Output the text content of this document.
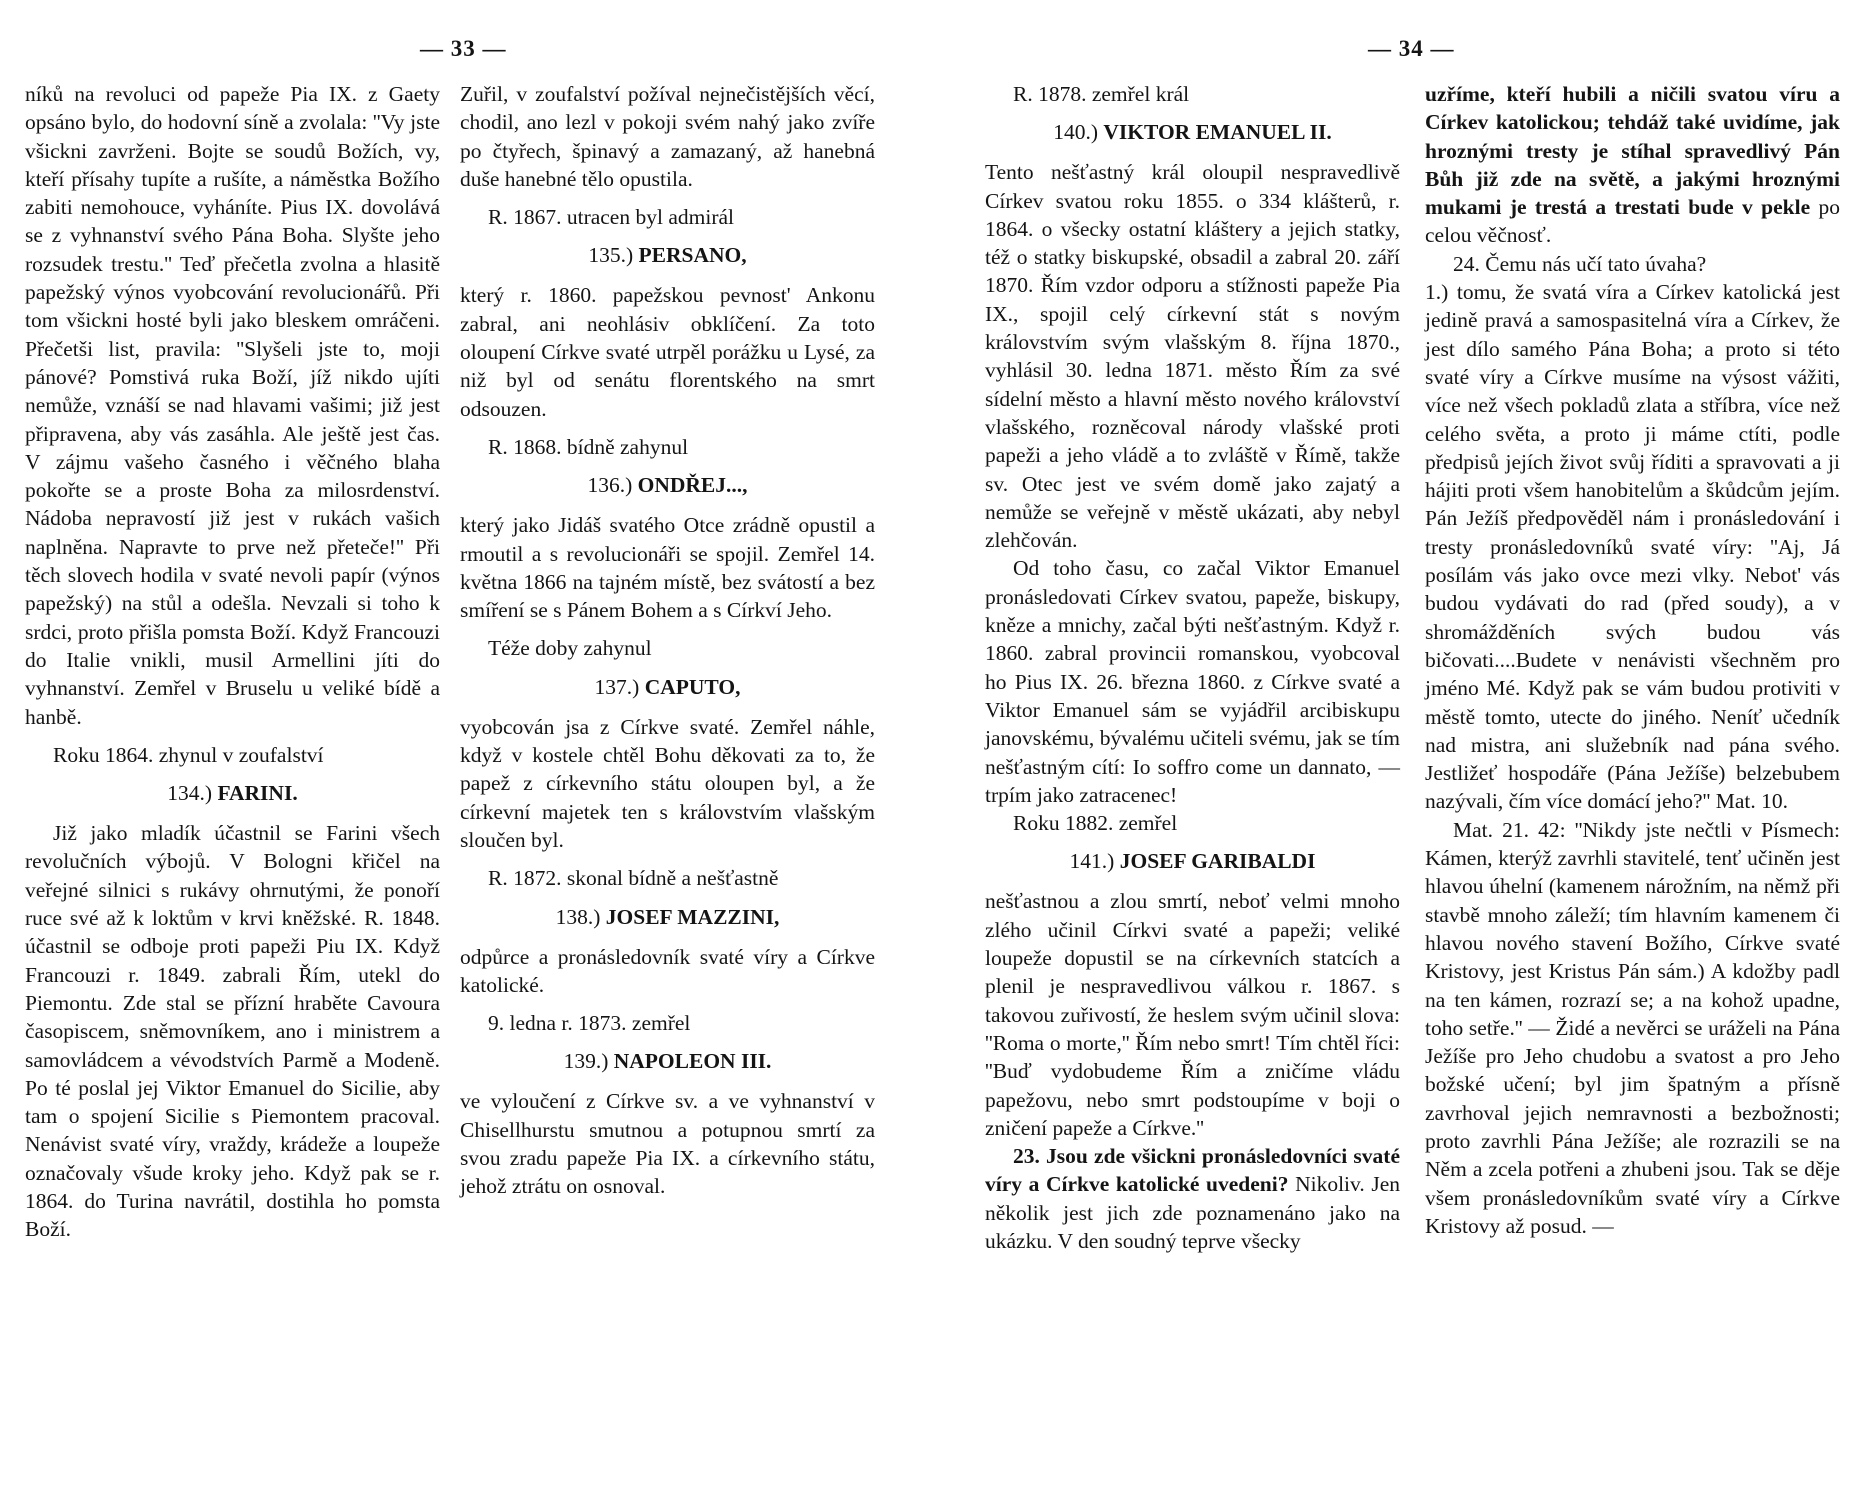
— 33 —	— 34 —

níků na revoluci od papeže Pia IX. z Gaety opsáno bylo, do hodovní síně a zvolala: ''Vy jste všickni zavrženi. Bojte se soudů Božích, vy, kteří přísahy tupíte a rušíte, a náměstka Božího zabiti nemohouce, vyháníte. Pius IX. dovolává se z vyhnanství svého Pána Boha. Slyšte jeho rozsudek trestu.'' Teď přečetla zvolna a hlasitě papežský výnos vyobcování revolucionářů. Při tom všickni hosté byli jako bleskem omráčeni. Přečetši list, pravila: ''Slyšeli jste to, moji pánové? Pomstivá ruka Boží, jíž nikdo ujíti nemůže, vznáší se nad hlavami vašimi; již jest připravena, aby vás zasáhla. Ale ještě jest čas. V zájmu vašeho časného i věčného blaha pokořte se a proste Boha za milosrdenství. Nádoba nepravostí již jest v rukách vašich naplněna. Napravte to prve než přeteče!'' Při těch slovech hodila v svaté nevoli papír (výnos papežský) na stůl a odešla. Nevzali si toho k srdci, proto přišla pomsta Boží. Když Francouzi do Italie vnikli, musil Armellini jíti do vyhnanství. Zemřel v Bruselu u veliké bídě a hanbě.

Roku 1864. zhynul v zoufalství

134.) FARINI.

Již jako mladík účastnil se Farini všech revolučních výbojů. V Bologni křičel na veřejné silnici s rukávy ohrnutými, že ponoří ruce své až k loktům v krvi kněžské. R. 1848. účastnil se odboje proti papeži Piu IX. Když Francouzi r. 1849. zabrali Řím, utekl do Piemontu. Zde stal se přízní hraběte Cavoura časopiscem, sněmovníkem, ano i ministrem a samovládcem a vévodstvích Parmě a Modeně. Po té poslal jej Viktor Emanuel do Sicilie, aby tam o spojení Sicilie s Piemontem pracoval. Nenávist svaté víry, vraždy, krádeže a loupeže označovaly všude kroky jeho. Když pak se r. 1864. do Turina navrátil, dostihla ho pomsta Boží.

Zuřil, v zoufalství požíval nejnečistějších věcí, chodil, ano lezl v pokoji svém nahý jako zvíře po čtyřech, špinavý a zamazaný, až hanebná duše hanebné tělo opustila.

R. 1867. utracen byl admirál

135.) PERSANO,

který r. 1860. papežskou pevnost' Ankonu zabral, ani neohlásiv obklíčení. Za toto oloupení Církve svaté utrpěl porážku u Lysé, za niž byl od senátu florentského na smrt odsouzen.

R. 1868. bídně zahynul

136.) ONDŘEJ...,

který jako Jidáš svatého Otce zrádně opustil a rmoutil a s revolucionáři se spojil. Zemřel 14. května 1866 na tajném místě, bez svátostí a bez smíření se s Pánem Bohem a s Církví Jeho.

Téže doby zahynul

137.) CAPUTO,

vyobcován jsa z Církve svaté. Zemřel náhle, když v kostele chtěl Bohu děkovati za to, že papež z církevního státu oloupen byl, a že církevní majetek ten s královstvím vlašským sloučen byl.

R. 1872. skonal bídně a nešťastně

138.) JOSEF MAZZINI,

odpůrce a pronásledovník svaté víry a Církve katolické.

9. ledna r. 1873. zemřel

139.) NAPOLEON III.

ve vyloučení z Církve sv. a ve vyhnanství v Chisellhurstu smutnou a potupnou smrtí za svou zradu papeže Pia IX. a církevního státu, jehož ztrátu on osnoval.

R. 1878. zemřel král

140.) VIKTOR EMANUEL II.

Tento nešťastný král oloupil nespravedlivě Církev svatou roku 1855. o 334 klášterů, r. 1864. o všecky ostatní kláštery a jejich statky, též o statky biskupské, obsadil a zabral 20. září 1870. Řím vzdor odporu a stížnosti papeže Pia IX., spojil celý církevní stát s novým královstvím svým vlašským 8. října 1870., vyhlásil 30. ledna 1871. město Řím za své sídelní město a hlavní město nového království vlašského, rozněcoval národy vlašské proti papeži a jeho vládě a to zvláště v Římě, takže sv. Otec jest ve svém domě jako zajatý a nemůže se veřejně v městě ukázati, aby nebyl zlehčován.

Od toho času, co začal Viktor Emanuel pronásledovati Církev svatou, papeže, biskupy, kněze a mnichy, začal býti nešťastným. Když r. 1860. zabral provincii romanskou, vyobcoval ho Pius IX. 26. března 1860. z Církve svaté a Viktor Emanuel sám se vyjádřil arcibiskupu janovskému, bývalému učiteli svému, jak se tím nešťastným cítí: Io soffro come un dannato, — trpím jako zatracenec!

Roku 1882. zemřel

141.) JOSEF GARIBALDI

nešťastnou a zlou smrtí, neboť velmi mnoho zlého učinil Církvi svaté a papeži; veliké loupeže dopustil se na církevních statcích a plenil je nespravedlivou válkou r. 1867. s takovou zuřivostí, že heslem svým učinil slova: ''Roma o morte,'' Řím nebo smrt! Tím chtěl říci: ''Buď vydobudeme Řím a zničíme vládu papežovu, nebo smrt podstoupíme v boji o zničení papeže a Církve.''

23. Jsou zde všickni pronásledovníci svaté víry a Církve katolické uvedeni? Nikoliv. Jen několik jest jich zde poznamenáno jako na ukázku. V den soudný teprve všecky

uzříme, kteří hubili a ničili svatou víru a Církev katolickou; tehdáž také uvidíme, jak hroznými tresty je stíhal spravedlivý Pán Bůh již zde na světě, a jakými hroznými mukami je trestá a trestati bude v pekle po celou věčnosť.

24. Čemu nás učí tato úvaha?

1.) tomu, že svatá víra a Církev katolická jest jedině pravá a samospasitelná víra a Církev, že jest dílo samého Pána Boha; a proto si této svaté víry a Církve musíme na výsost vážiti, více než všech pokladů zlata a stříbra, více než celého světa, a proto ji máme ctíti, podle předpisů jejích život svůj říditi a spravovati a ji hájiti proti všem hanobitelům a škůdcům jejím. Pán Ježíš předpověděl nám i pronásledování i tresty pronásledovníků svaté víry: ''Aj, Já posílám vás jako ovce mezi vlky. Nebot' vás budou vydávati do rad (před soudy), a v shromážděních svých budou vás bičovati....Budete v nenávisti všechněm pro jméno Mé. Když pak se vám budou protiviti v městě tomto, utecte do jiného. Neníť učedník nad mistra, ani služebník nad pána svého. Jestližeť hospodáře (Pána Ježíše) belzebubem nazývali, čím více domácí jeho?'' Mat. 10.

Mat. 21. 42: ''Nikdy jste nečtli v Písmech: Kámen, kterýž zavrhli stavitelé, tenť učiněn jest hlavou úhelní (kamenem nárožním, na němž při stavbě mnoho záleží; tím hlavním kamenem či hlavou nového stavení Božího, Církve svaté Kristovy, jest Kristus Pán sám.) A kdožby padl na ten kámen, rozrazí se; a na kohož upadne, toho setře.'' — Židé a nevěrci se uráželi na Pána Ježíše pro Jeho chudobu a svatost a pro Jeho božské učení; byl jim špatným a přísně zavrhoval jejich nemravnosti a bezbožnosti; proto zavrhli Pána Ježíše; ale rozrazili se na Něm a zcela potřeni a zhubeni jsou. Tak se děje všem pronásledovníkům svaté víry a Církve Kristovy až posud. —
